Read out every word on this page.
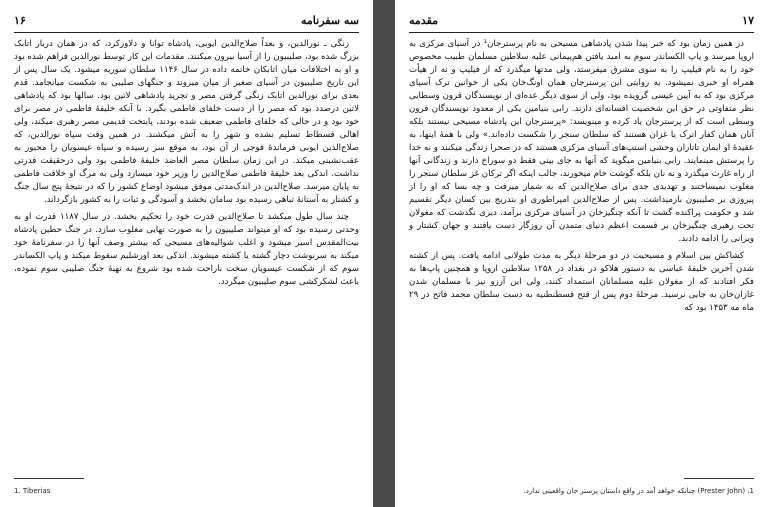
۱۶	سه سفرنامه

زنگی ـ نورالدین، و بعداً صلاح‌الدین ایوبی، پادشاه توانا و دلاورکرد، که در همان دربار اتابک بزرگ شده بود، صلیبیون را از آسیا بیرون میکنند. مقدمات این کار توسط نورالدین فراهم شده بود و او به اختلافات میان اتابکان خاتمه داده در سال ۱۱۴۶ سلطان سوریه میشود. یک سال پس از این تاریخ صلیبیون در آسیای صغیر از میان میروند و جنگهای صلیبی به شکست میانجامد. قدم بعدی برای نورالدین اتابک زنگی گرفتن مصر و تجرید پادشاهی لاتین بود. سالها بود که پادشاهی لاتین درصدد بود که مصر را از دست خلفای فاطمی بگیرد. با آنکه خلیفهٔ فاطمی در مصر برای خود بود و در حالی که خلفای فاطمی ضعیف شده بودند، پایتخت قدیمی مصر رهبری میکند، ولی اهالی قسطاط تسلیم نشده و شهر را به آتش میکشند. در همین وقت سپاه نورالدین، که صلاح‌الدین ایوبی فرماندهٔ فوجی از آن بود، به موقع سر رسیده و سپاه عیسویان را مجبور به عقب‌نشینی میکند. در این زمان سلطان مصر العاضد خلیفهٔ فاطمی بود ولی درحقیقت قدرتی نداشت. اندکی بعد خلیفهٔ فاطمی صلاح‌الدین را وزیر خود میسازد ولی به مرگ او خلافت فاطمی به پایان میرسد. صلاح‌الدین در اندک‌مدتی موفق میشود اوضاع کشور را که در نتیجهٔ پنج سال جنگ و کشتار به آستانهٔ تباهی رسیده بود سامان بخشد و آسودگی و ثبات را به کشور بازگرداند.

چند سال طول میکشد تا صلاح‌الدین قدرت خود را تحکیم بخشد. در سال ۱۱۸۷ قدرت او به وحدتی رسیده بود که او میتواند صلیبیون را به صورت نهایی مغلوب سازد. در جنگ حطین پادشاه بیت‌المقدس اسیر میشود و اغلب شوالیه‌های مسیحی که بیشتر وصف آنها را در سفرنامهٔ خود میکند به سرنوشت دچار گشته یا کشته میشوند. اندکی بعد اورشلیم سقوط میکند و پاپ الکساندر سوم که از شکست عیسویان سخت ناراحت شده بود شروع به تهیهٔ جنگ صلیبی سوم نموده، باعث لشکرکشی سوم صلیبیون میگردد.

1. Tiberias
۱۷
مقدمه

در همین زمان بود که خبر پیدا شدن پادشاهی مسیحی به نام پرسترجان¹ در آسیای مرکزی به اروپا میرسد و پاپ الکساندر سوم به امید یافتن هم‌پیمانی علیه سلاطین مسلمان طبیب مخصوص خود را به نام فیلیپ را به سوی مشرق میفرستد، ولی مدتها میگذرد که از فیلیپ و نه از هیأت همراه او خبری نمیشود. به روایتی این پرسترجان همان اونگ‌خان یکی از خوانین ترک آسیای مرکزی بود که به آیین عیسی گرویده بود، ولی از سوی دیگر عده‌ای از نویسندگان قرون وسطایی نظر متفاوتی در حق این شخصیت افسانه‌ای دارند. رابی بنیامین یکی از معدود نویسندگان قرون وسطی است که از پرسترجان یاد کرده و مینویسد: «پرسترجان این پادشاه مسیحی نیستند بلکه آنان همان کفار اترک یا غزان هستند که سلطان سنجر را شکست داده‌اند.» ولی با همهٔ اینها، به عقیدهٔ او ایمان تاتاران وحشی استپ‌های آسیای مرکزی هستند که در صحرا زندگی میکنند و نه خدا را پرستش مینمایند. رابی بنیامین میگوید که آنها به جای بینی فقط دو سوراخ دارند و زندگانی آنها از راه غارت میگذرد و نه نان بلکه گوشت خام میخورند، جالب اینکه اگر ترکان غز سلطان سنجر را مغلوب نمیساختند و تهدیدی جدی برای صلاح‌الدین که به شمار میرفت و چه بسا که او را از پیروزی بر صلیبیون بازمیداشت. پس از صلاح‌الدین امپراطوری او بتدریج بین کسان دیگر تقسیم شد و حکومت پراکنده گشت تا آنکه چنگیزخان در آسیای مرکزی برآمد. دیری نگذشت که مغولان تحت رهبری چنگیزخان بر قسمت اعظم دنیای متمدن آن روزگار دست یافتند و جهان کشتار و ویرانی را ادامه دادند.

کشاکش بین اسلام و مسیحیت در دو مرحلهٔ دیگر به مدت طولانی ادامه یافت. پس از کشته شدن آخرین خلیفهٔ عباسی به دستور هلاکو در بغداد در ۱۲۵۸ سلاطین اروپا و همچنین پاپ‌ها به فکر افتادند که از مغولان علیه مسلمانان استمداد کنند، ولی این آرزو نیز با مسلمان شدن غازان‌خان به جایی نرسید. مرحلهٔ دوم پس از فتح قسطنطنیه به دست سلطان محمد فاتح در ۲۹ ماه مه ۱۴۵۳ بود که

1. (Prester John) چنانکه خواهد آمد در واقع داستان پرستر جان واقعیتی ندارد.
